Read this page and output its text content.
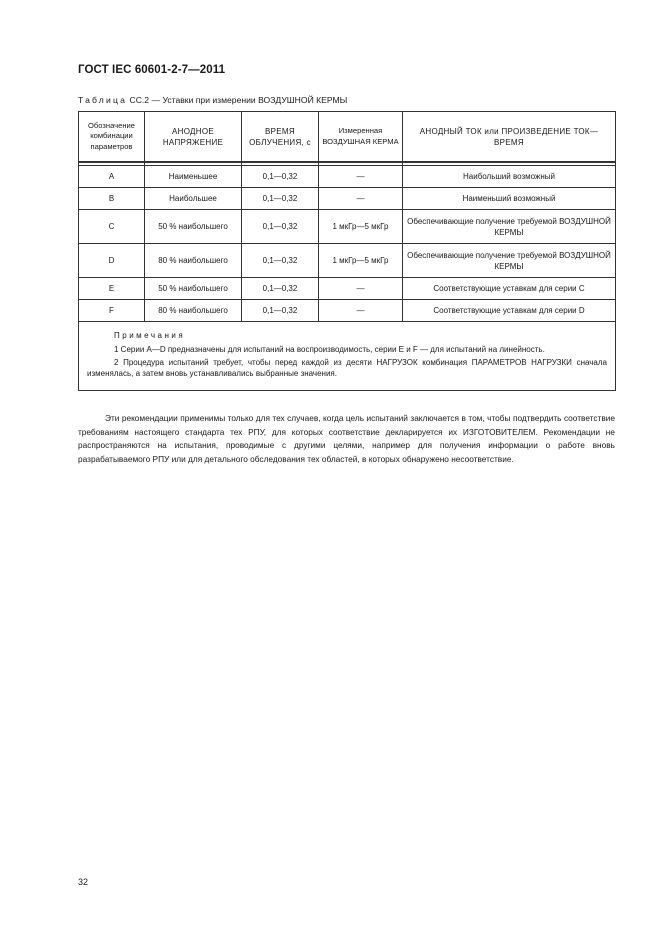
ГОСТ IEC 60601-2-7—2011
Таблица СС.2 — Уставки при измерении ВОЗДУШНОЙ КЕРМЫ
Обозначение комбинации параметров	АНОДНОЕ НАПРЯЖЕНИЕ	ВРЕМЯ ОБЛУЧЕНИЯ, с	Измеренная ВОЗДУШНАЯ КЕРМА	АНОДНЫЙ ТОК или ПРОИЗВЕДЕНИЕ ТОК—ВРЕМЯ

A	Наименьшее	0,1—0,32	—	Наибольший возможный
B	Наибольшее	0,1—0,32	—	Наименьший возможный
C	50 % наибольшего	0,1—0,32	1 мкГр—5 мкГр	Обеспечивающие получение требуемой ВОЗДУШНОЙ КЕРМЫ
D	80 % наибольшего	0,1—0,32	1 мкГр—5 мкГр	Обеспечивающие получение требуемой ВОЗДУШНОЙ КЕРМЫ
E	50 % наибольшего	0,1—0,32	—	Соответствующие уставкам для серии C
F	80 % наибольшего	0,1—0,32	—	Соответствующие уставкам для серии D

Примечания

1 Серии A—D предназначены для испытаний на воспроизводимость, серии E и F — для испытаний на линейность.

2 Процедура испытаний требует, чтобы перед каждой из десяти НАГРУЗОК комбинация ПАРАМЕТРОВ НАГРУЗКИ сначала изменялась, а затем вновь устанавливались выбранные значения.				

Эти рекомендации применимы только для тех случаев, когда цель испытаний заключается в том, чтобы подтвердить соответствие требованиям настоящего стандарта тех РПУ, для которых соответствие декларируется их ИЗГОТОВИТЕЛЕМ. Рекомендации не распространяются на испытания, проводимые с другими целями, например для получения информации о работе вновь разрабатываемого РПУ или для детального обследования тех областей, в которых обнаружено несоответствие.

32
